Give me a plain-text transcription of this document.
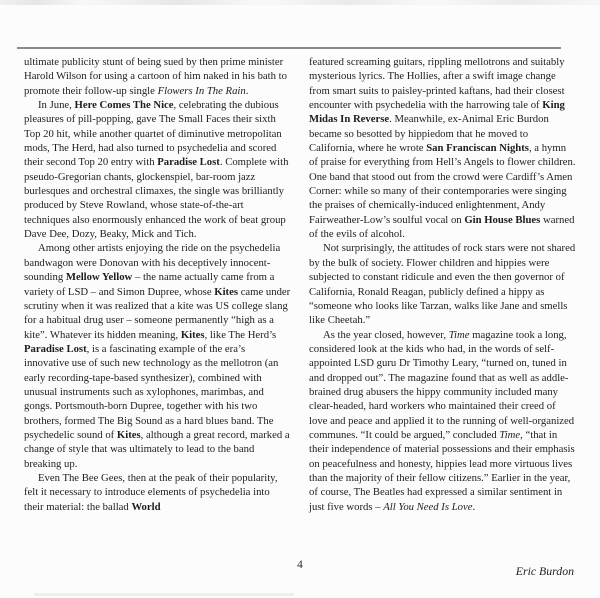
ultimate publicity stunt of being sued by then prime minister Harold Wilson for using a cartoon of him naked in his bath to promote their follow-up single Flowers In The Rain.

In June, Here Comes The Nice, celebrating the dubious pleasures of pill-popping, gave The Small Faces their sixth Top 20 hit, while another quartet of diminutive metropolitan mods, The Herd, had also turned to psychedelia and scored their second Top 20 entry with Paradise Lost. Complete with pseudo-Gregorian chants, glockenspiel, bar-room jazz burlesques and orchestral climaxes, the single was brilliantly produced by Steve Rowland, whose state-of-the-art techniques also enormously enhanced the work of beat group Dave Dee, Dozy, Beaky, Mick and Tich.

Among other artists enjoying the ride on the psychedelia bandwagon were Donovan with his deceptively innocent-sounding Mellow Yellow – the name actually came from a variety of LSD – and Simon Dupree, whose Kites came under scrutiny when it was realized that a kite was US college slang for a habitual drug user – someone permanently “high as a kite”. Whatever its hidden meaning, Kites, like The Herd’s Paradise Lost, is a fascinating example of the era’s innovative use of such new technology as the mellotron (an early recording-tape-based synthesizer), combined with unusual instruments such as xylophones, marimbas, and gongs. Portsmouth-born Dupree, together with his two brothers, formed The Big Sound as a hard blues band. The psychedelic sound of Kites, although a great record, marked a change of style that was ultimately to lead to the band breaking up.

Even The Bee Gees, then at the peak of their popularity, felt it necessary to introduce elements of psychedelia into their material: the ballad World

featured screaming guitars, rippling mellotrons and suitably mysterious lyrics. The Hollies, after a swift image change from smart suits to paisley-printed kaftans, had their closest encounter with psychedelia with the harrowing tale of King Midas In Reverse. Meanwhile, ex-Animal Eric Burdon became so besotted by hippiedom that he moved to California, where he wrote San Franciscan Nights, a hymn of praise for everything from Hell’s Angels to flower children. One band that stood out from the crowd were Cardiff’s Amen Corner: while so many of their contemporaries were singing the praises of chemically-induced enlightenment, Andy Fairweather-Low’s soulful vocal on Gin House Blues warned of the evils of alcohol.

Not surprisingly, the attitudes of rock stars were not shared by the bulk of society. Flower children and hippies were subjected to constant ridicule and even the then governor of California, Ronald Reagan, publicly defined a hippy as “someone who looks like Tarzan, walks like Jane and smells like Cheetah.”

As the year closed, however, Time magazine took a long, considered look at the kids who had, in the words of self-appointed LSD guru Dr Timothy Leary, “turned on, tuned in and dropped out”. The magazine found that as well as addle-brained drug abusers the hippy community included many clear-headed, hard workers who maintained their creed of love and peace and applied it to the running of well-organized communes. “It could be argued,” concluded Time, “that in their independence of material possessions and their emphasis on peacefulness and honesty, hippies lead more virtuous lives than the majority of their fellow citizens.” Earlier in the year, of course, The Beatles had expressed a similar sentiment in just five words – All You Need Is Love.

4	Eric Burdon
